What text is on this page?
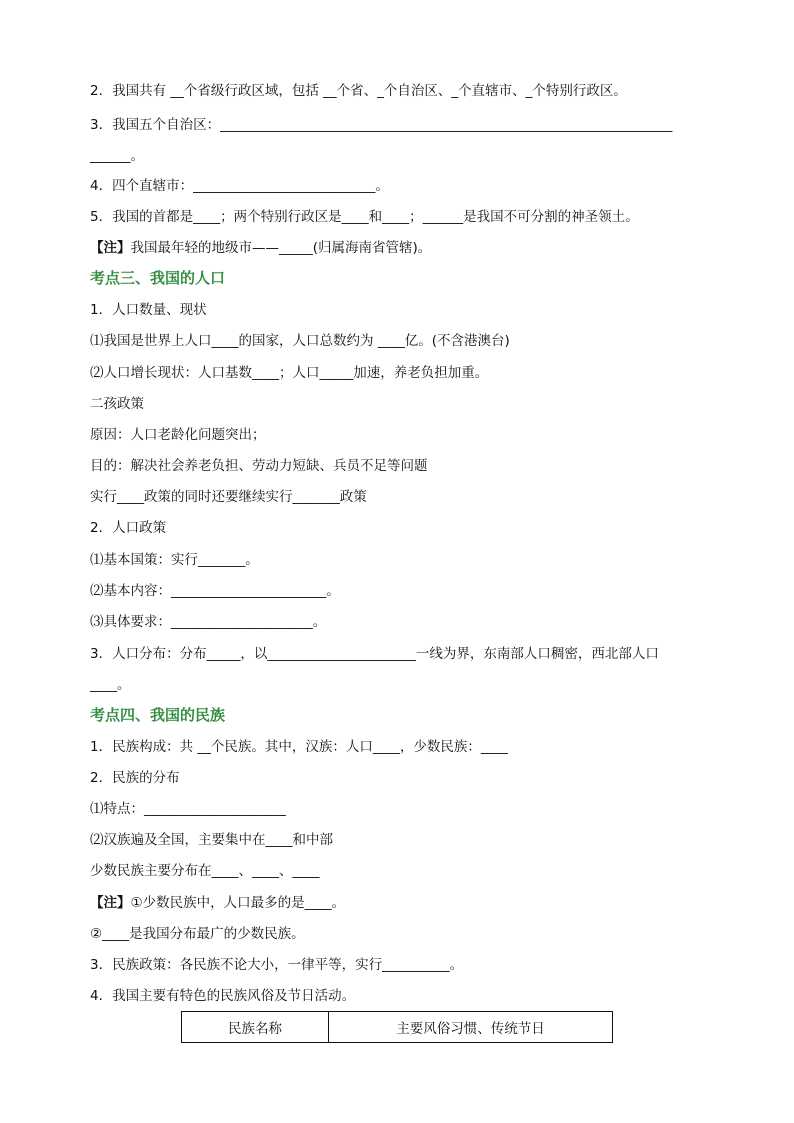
2．我国共有 __个省级行政区域，包括 __个省、_个自治区、_个直辖市、_个特别行政区。
3．我国五个自治区：___________________________________________________________________
______。
4．四个直辖市：___________________________。
5．我国的首都是____；两个特别行政区是____和____；______是我国不可分割的神圣领土。
【注】我国最年轻的地级市——_____(归属海南省管辖)。
考点三、我国的人口
1．人口数量、现状
⑴我国是世界上人口____的国家，人口总数约为 ____亿。(不含港澳台)
⑵人口增长现状：人口基数____；人口_____加速，养老负担加重。
二孩政策
原因：人口老龄化问题突出；
目的：解决社会养老负担、劳动力短缺、兵员不足等问题
实行____政策的同时还要继续实行_______政策
2．人口政策
⑴基本国策：实行_______。
⑵基本内容：_______________________。
⑶具体要求：_____________________。
3．人口分布：分布_____，以______________________一线为界，东南部人口稠密，西北部人口
____。
考点四、我国的民族
1．民族构成：共 __个民族。其中，汉族：人口____，少数民族：____
2．民族的分布
⑴特点：_____________________
⑵汉族遍及全国，主要集中在____和中部
少数民族主要分布在____、____、____
【注】①少数民族中，人口最多的是____。
②____是我国分布最广的少数民族。
3．民族政策：各民族不论大小，一律平等，实行__________。
4．我国主要有特色的民族风俗及节日活动。
民族名称	主要风俗习惯、传统节日
